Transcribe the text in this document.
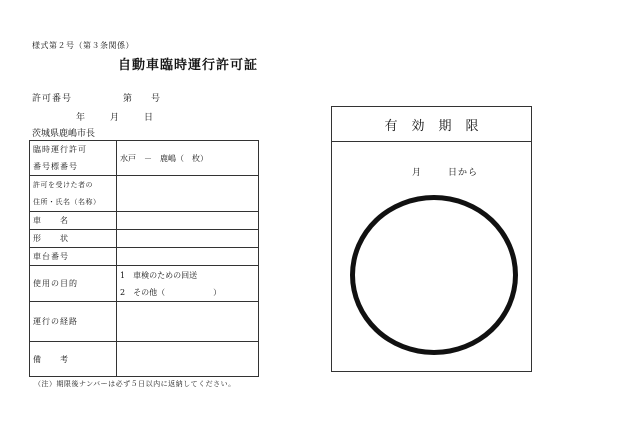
様式第２号（第３条関係）
自動車臨時運行許可証
許可番号	第 号
年	月	日
茨城県鹿嶋市長
臨時運行許可
番号標番号	水戸　－　鹿嶋（　枚）

許可を受けた者の
住所・氏名（名称）	

車　　名	
形　　状	
車台番号	
使用の目的	1　車検のための回送
2　その他（　　　　　　）

運行の経路	
備　　考	
（注）期限後ナンバーは必ず５日以内に返納してください。
有効期限
月	日から
